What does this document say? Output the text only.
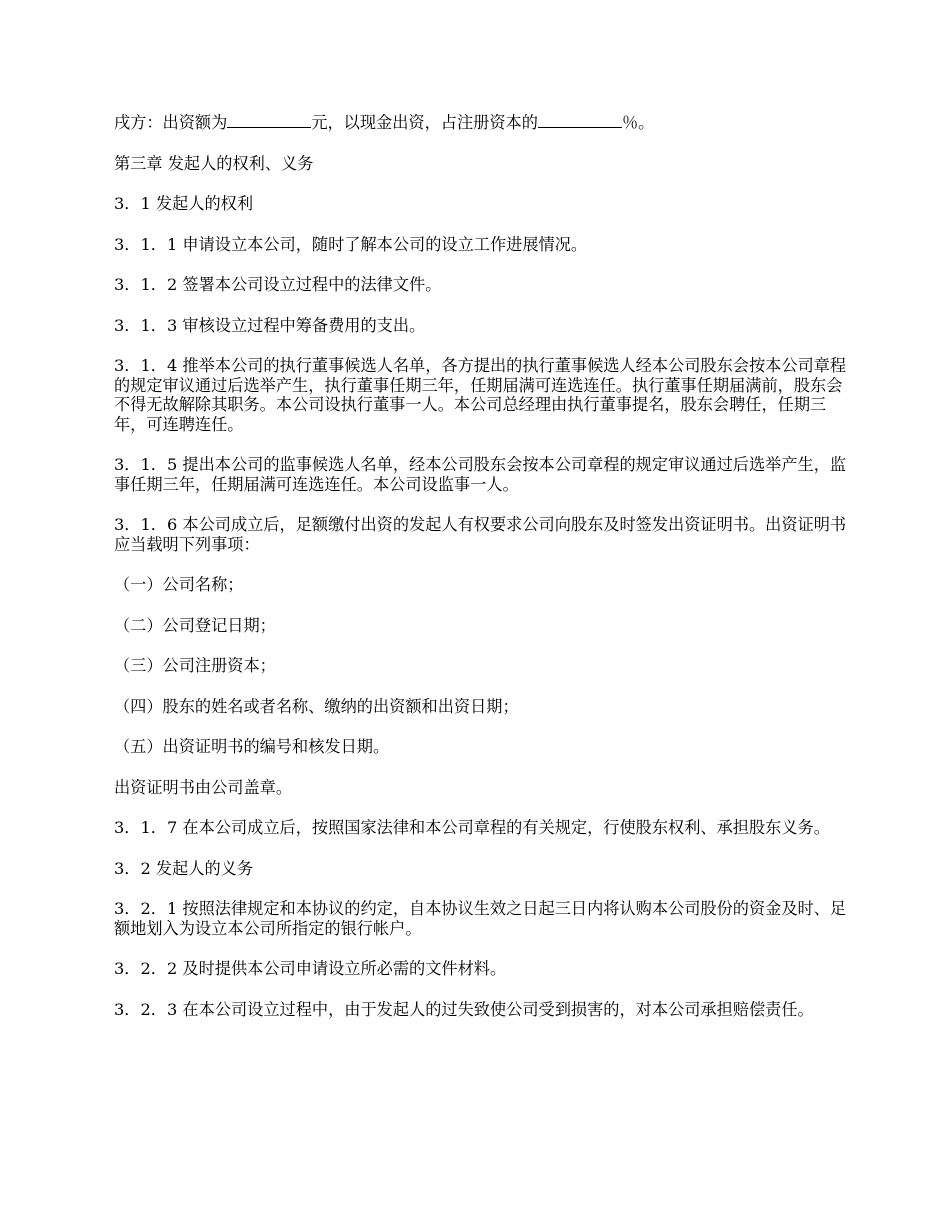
戌方：出资额为	元，以现金出资，占注册资本的	％。

第三章 发起人的权利、义务

3．1 发起人的权利

3．1．1 申请设立本公司，随时了解本公司的设立工作进展情况。

3．1．2 签署本公司设立过程中的法律文件。

3．1．3 审核设立过程中筹备费用的支出。

3．1．4 推举本公司的执行董事候选人名单，各方提出的执行董事候选人经本公司股东会按本公司章程的规定审议通过后选举产生，执行董事任期三年，任期届满可连选连任。执行董事任期届满前，股东会不得无故解除其职务。本公司设执行董事一人。本公司总经理由执行董事提名，股东会聘任，任期三年，可连聘连任。

3．1．5 提出本公司的监事候选人名单，经本公司股东会按本公司章程的规定审议通过后选举产生，监事任期三年，任期届满可连选连任。本公司设监事一人。

3．1．6 本公司成立后，足额缴付出资的发起人有权要求公司向股东及时签发出资证明书。出资证明书应当载明下列事项：

（一）公司名称；

（二）公司登记日期；

（三）公司注册资本；

（四）股东的姓名或者名称、缴纳的出资额和出资日期；

（五）出资证明书的编号和核发日期。

出资证明书由公司盖章。

3．1．7 在本公司成立后，按照国家法律和本公司章程的有关规定，行使股东权利、承担股东义务。

3．2 发起人的义务

3．2．1 按照法律规定和本协议的约定，自本协议生效之日起三日内将认购本公司股份的资金及时、足额地划入为设立本公司所指定的银行帐户。

3．2．2 及时提供本公司申请设立所必需的文件材料。

3．2．3 在本公司设立过程中，由于发起人的过失致使公司受到损害的，对本公司承担赔偿责任。
